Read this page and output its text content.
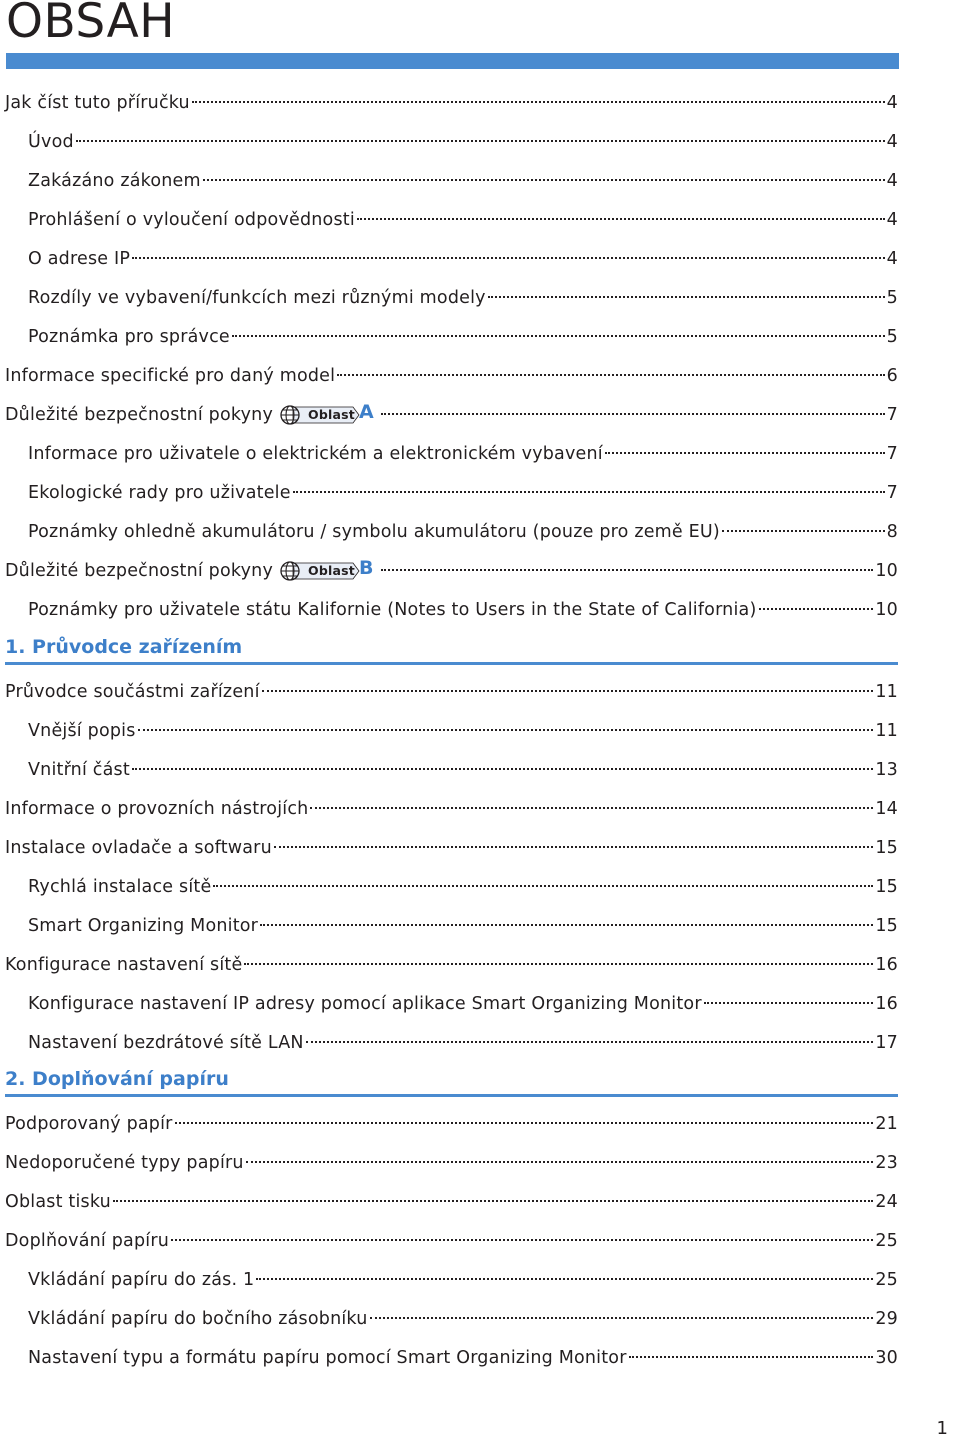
OBSAH
1
Jak číst tuto příručku	4
Úvod	4
Zakázáno zákonem	4
Prohlášení o vyloučení odpovědnosti	4
O adrese IP	4
Rozdíly ve vybavení/funkcích mezi různými modely	5
Poznámka pro správce	5
Informace specifické pro daný model	6
Důležité bezpečnostní pokyny	Oblast A	7
Informace pro uživatele o elektrickém a elektronickém vybavení	7
Ekologické rady pro uživatele	7
Poznámky ohledně akumulátoru / symbolu akumulátoru (pouze pro země EU)	8
Důležité bezpečnostní pokyny	Oblast B	10
Poznámky pro uživatele státu Kalifornie (Notes to Users in the State of California)	10
1. Průvodce zařízením
Průvodce součástmi zařízení	11
Vnější popis	11
Vnitřní část	13
Informace o provozních nástrojích	14
Instalace ovladače a softwaru	15
Rychlá instalace sítě	15
Smart Organizing Monitor	15
Konfigurace nastavení sítě	16
Konfigurace nastavení IP adresy pomocí aplikace Smart Organizing Monitor	16
Nastavení bezdrátové sítě LAN	17
2. Doplňování papíru
Podporovaný papír	21
Nedoporučené typy papíru	23
Oblast tisku	24
Doplňování papíru	25
Vkládání papíru do zás. 1	25
Vkládání papíru do bočního zásobníku	29
Nastavení typu a formátu papíru pomocí Smart Organizing Monitor	30
